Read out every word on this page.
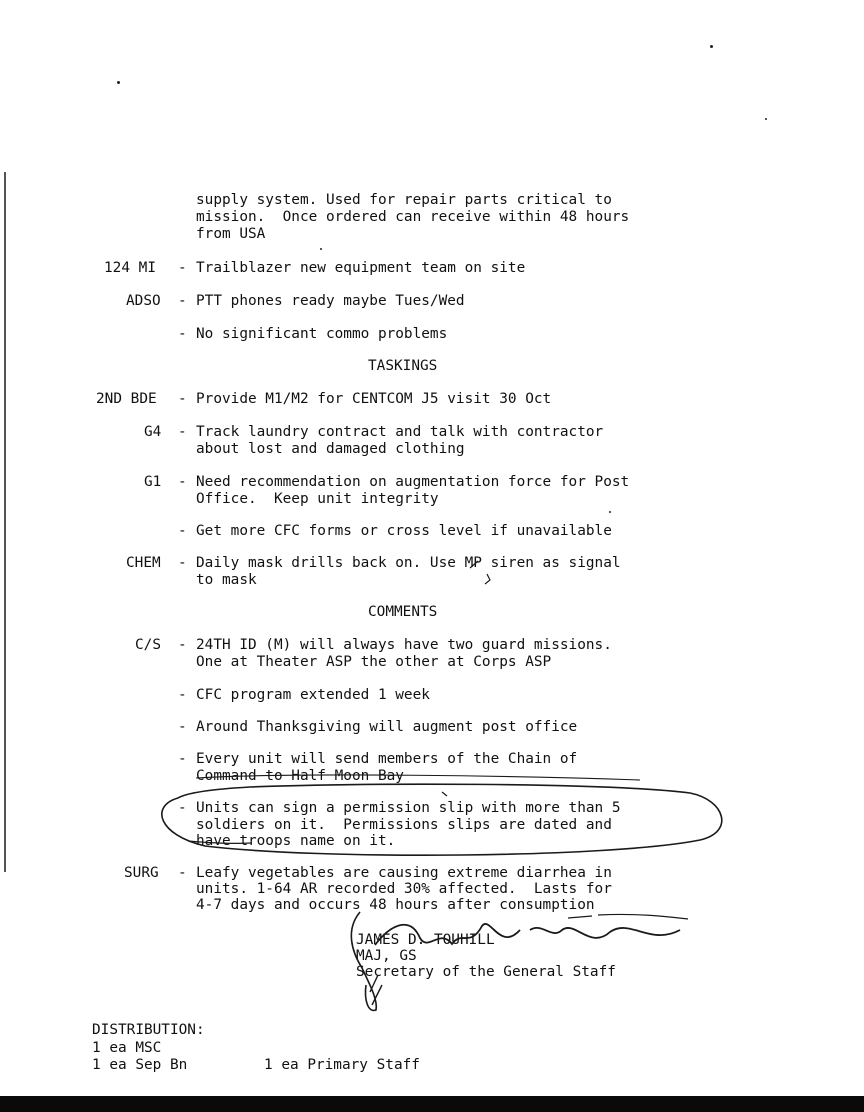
supply system. Used for repair parts critical to
mission.  Once ordered can receive within 48 hours
from USA
124 MI - Trailblazer new equipment team on site
ADSO - PTT phones ready maybe Tues/Wed
- No significant commo problems
TASKINGS
2ND BDE - Provide M1/M2 for CENTCOM J5 visit 30 Oct
G4 - Track laundry contract and talk with contractor
about lost and damaged clothing
G1 - Need recommendation on augmentation force for Post
Office.  Keep unit integrity
- Get more CFC forms or cross level if unavailable
CHEM - Daily mask drills back on. Use MP siren as signal
to mask
COMMENTS
C/S - 24TH ID (M) will always have two guard missions.
One at Theater ASP the other at Corps ASP
- CFC program extended 1 week
- Around Thanksgiving will augment post office
- Every unit will send members of the Chain of
Command to Half Moon Bay
- Units can sign a permission slip with more than 5
soldiers on it.  Permissions slips are dated and
have troops name on it.
SURG - Leafy vegetables are causing extreme diarrhea in
units. 1-64 AR recorded 30% affected.  Lasts for
4-7 days and occurs 48 hours after consumption
JAMES D. TOUHILL
MAJ, GS
Secretary of the General Staff
DISTRIBUTION:
1 ea MSC
1 ea Sep Bn	1 ea Primary Staff
